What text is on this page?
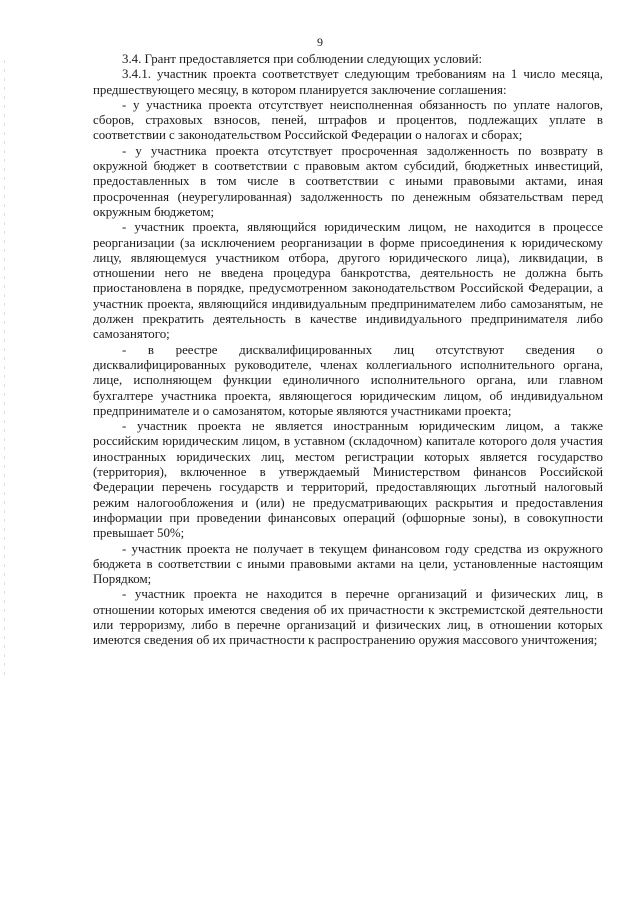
9

3.4. Грант предоставляется при соблюдении следующих условий:

3.4.1. участник проекта соответствует следующим требованиям на 1 число месяца, предшествующего месяцу, в котором планируется заключение соглашения:

- у участника проекта отсутствует неисполненная обязанность по уплате налогов, сборов, страховых взносов, пеней, штрафов и процентов, подлежащих уплате в соответствии с законодательством Российской Федерации о налогах и сборах;

- у участника проекта отсутствует просроченная задолженность по возврату в окружной бюджет в соответствии с правовым актом субсидий, бюджетных инвестиций, предоставленных в том числе в соответствии с иными правовыми актами, иная просроченная (неурегулированная) задолженность по денежным обязательствам перед окружным бюджетом;

- участник проекта, являющийся юридическим лицом, не находится в процессе реорганизации (за исключением реорганизации в форме присоединения к юридическому лицу, являющемуся участником отбора, другого юридического лица), ликвидации, в отношении него не введена процедура банкротства, деятельность не должна быть приостановлена в порядке, предусмотренном законодательством Российской Федерации, а участник проекта, являющийся индивидуальным предпринимателем либо самозанятым, не должен прекратить деятельность в качестве индивидуального предпринимателя либо самозанятого;

- в реестре дисквалифицированных лиц отсутствуют сведения о дисквалифицированных руководителе, членах коллегиального исполнительного органа, лице, исполняющем функции единоличного исполнительного органа, или главном бухгалтере участника проекта, являющегося юридическим лицом, об индивидуальном предпринимателе и о самозанятом, которые являются участниками проекта;

- участник проекта не является иностранным юридическим лицом, а также российским юридическим лицом, в уставном (складочном) капитале которого доля участия иностранных юридических лиц, местом регистрации которых является государство (территория), включенное в утверждаемый Министерством финансов Российской Федерации перечень государств и территорий, предоставляющих льготный налоговый режим налогообложения и (или) не предусматривающих раскрытия и предоставления информации при проведении финансовых операций (офшорные зоны), в совокупности превышает 50%;

- участник проекта не получает в текущем финансовом году средства из окружного бюджета в соответствии с иными правовыми актами на цели, установленные настоящим Порядком;

- участник проекта не находится в перечне организаций и физических лиц, в отношении которых имеются сведения об их причастности к экстремистской деятельности или терроризму, либо в перечне организаций и физических лиц, в отношении которых имеются сведения об их причастности к распространению оружия массового уничтожения;
